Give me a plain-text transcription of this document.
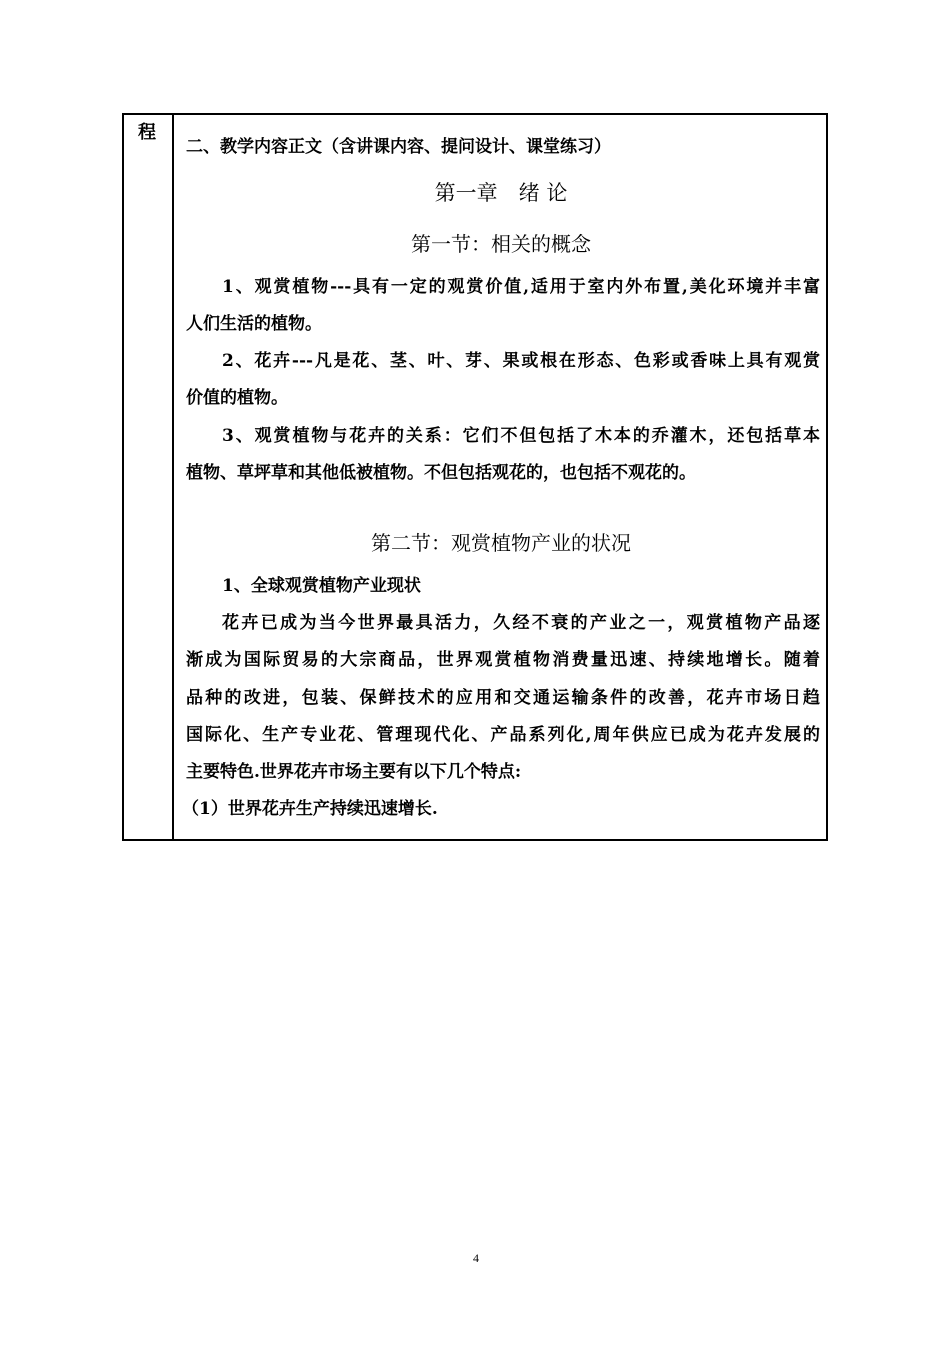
程
二、教学内容正文（含讲课内容、提问设计、课堂练习）
第一章　绪 论
第一节：相关的概念
1、观赏植物---具有一定的观赏价值,适用于室内外布置,美化环境并丰富
人们生活的植物。
2、花卉---凡是花、茎、叶、芽、果或根在形态、色彩或香味上具有观赏
价值的植物。
3、观赏植物与花卉的关系：它们不但包括了木本的乔灌木，还包括草本
植物、草坪草和其他低被植物。不但包括观花的，也包括不观花的。
第二节：观赏植物产业的状况
1、全球观赏植物产业现状
花卉已成为当今世界最具活力，久经不衰的产业之一，观赏植物产品逐
渐成为国际贸易的大宗商品，世界观赏植物消费量迅速、持续地增长。随着
品种的改进，包装、保鲜技术的应用和交通运输条件的改善，花卉市场日趋
国际化、生产专业花、管理现代化、产品系列化,周年供应已成为花卉发展的
主要特色.世界花卉市场主要有以下几个特点:
（1）世界花卉生产持续迅速增长.
4
